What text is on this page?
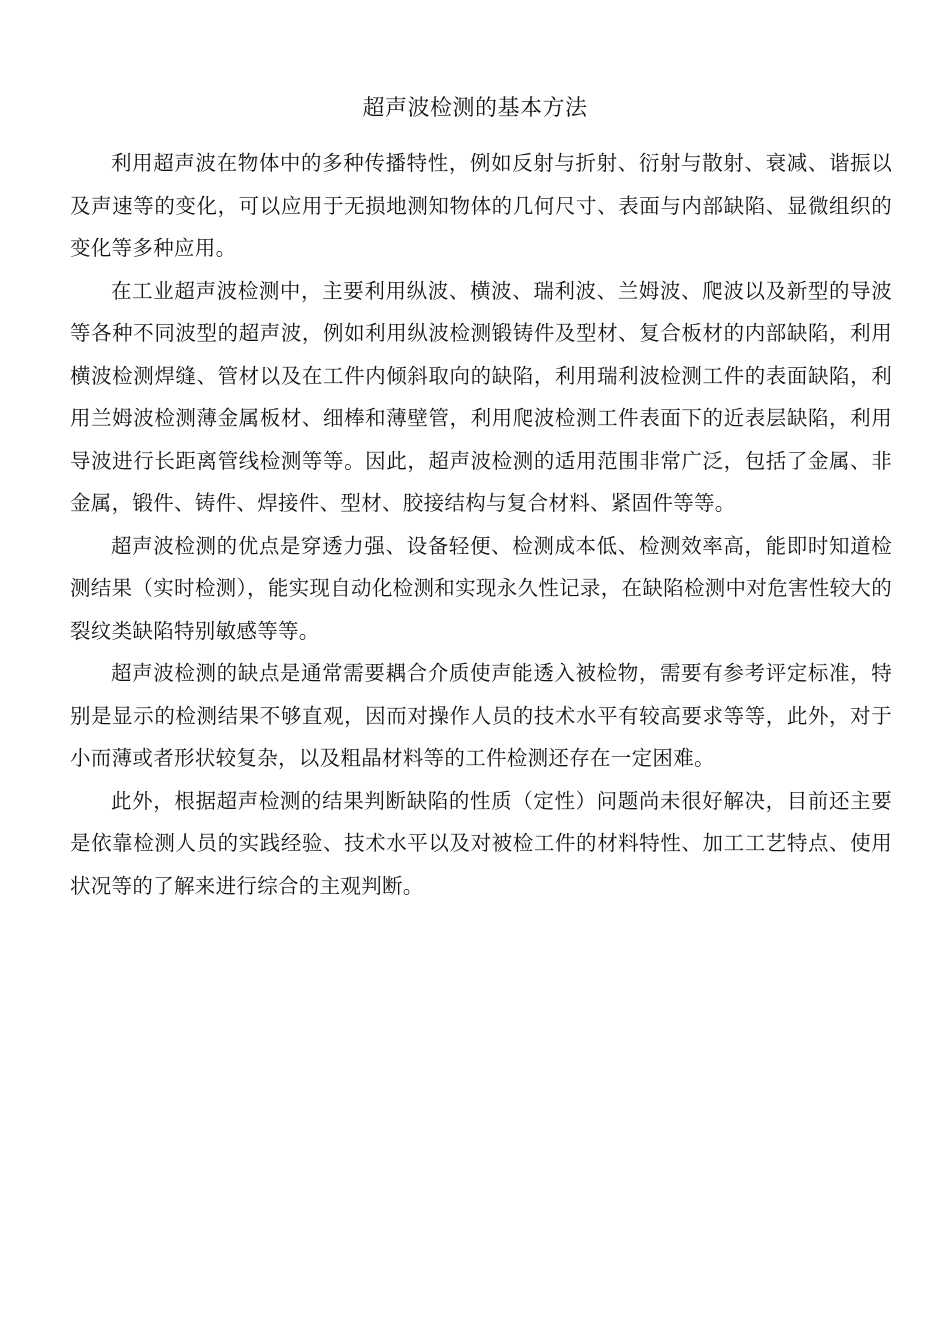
超声波检测的基本方法

利用超声波在物体中的多种传播特性，例如反射与折射、衍射与散射、衰减、谐振以及声速等的变化，可以应用于无损地测知物体的几何尺寸、表面与内部缺陷、显微组织的变化等多种应用。

在工业超声波检测中，主要利用纵波、横波、瑞利波、兰姆波、爬波以及新型的导波等各种不同波型的超声波，例如利用纵波检测锻铸件及型材、复合板材的内部缺陷，利用横波检测焊缝、管材以及在工件内倾斜取向的缺陷，利用瑞利波检测工件的表面缺陷，利用兰姆波检测薄金属板材、细棒和薄壁管，利用爬波检测工件表面下的近表层缺陷，利用导波进行长距离管线检测等等。因此，超声波检测的适用范围非常广泛，包括了金属、非金属，锻件、铸件、焊接件、型材、胶接结构与复合材料、紧固件等等。

超声波检测的优点是穿透力强、设备轻便、检测成本低、检测效率高，能即时知道检测结果（实时检测），能实现自动化检测和实现永久性记录，在缺陷检测中对危害性较大的裂纹类缺陷特别敏感等等。

超声波检测的缺点是通常需要耦合介质使声能透入被检物，需要有参考评定标准，特别是显示的检测结果不够直观，因而对操作人员的技术水平有较高要求等等，此外，对于小而薄或者形状较复杂，以及粗晶材料等的工件检测还存在一定困难。

此外，根据超声检测的结果判断缺陷的性质（定性）问题尚未很好解决，目前还主要是依靠检测人员的实践经验、技术水平以及对被检工件的材料特性、加工工艺特点、使用状况等的了解来进行综合的主观判断。
